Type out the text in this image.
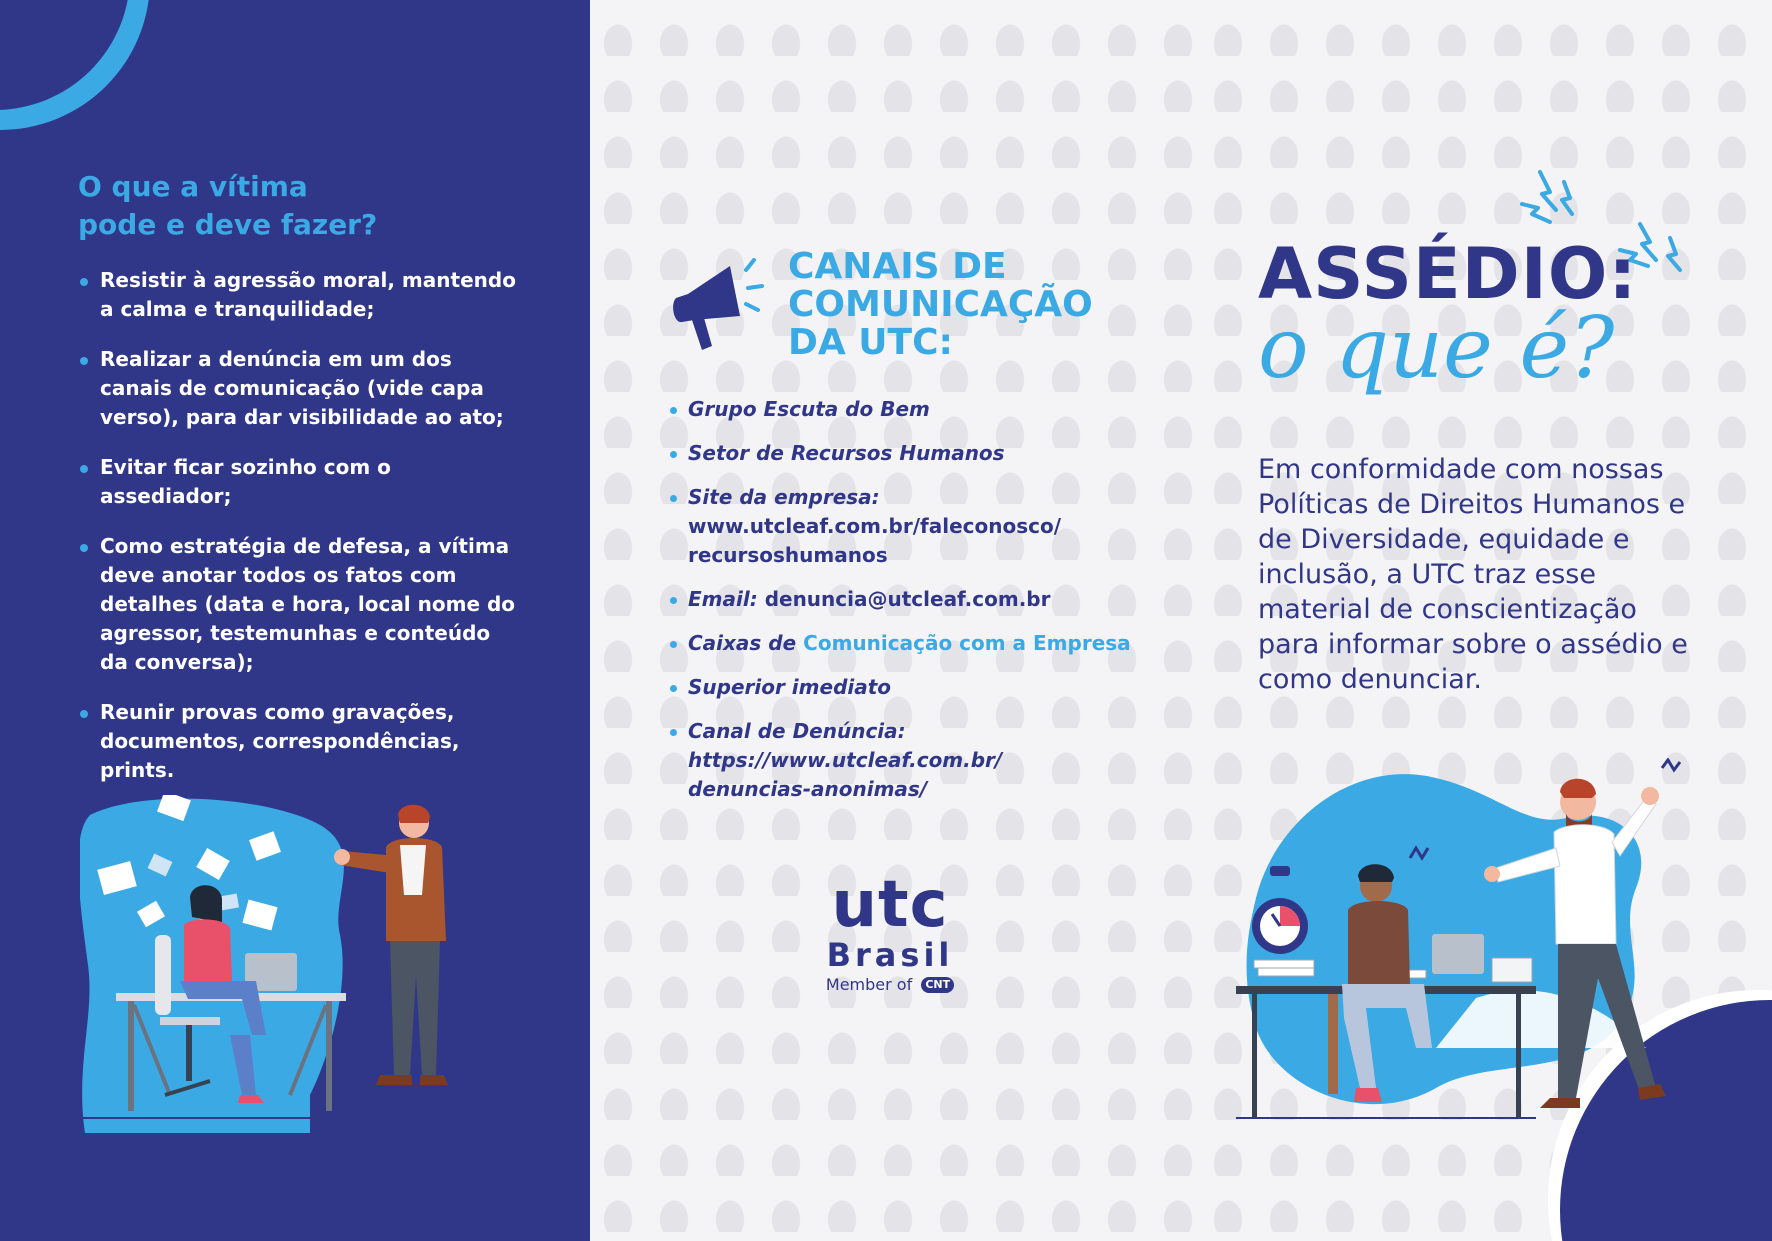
O que a vítima
pode e deve fazer?
Resistir à agressão moral, mantendo a calma e tranquilidade;
Realizar a denúncia em um dos canais de comunicação (vide capa verso), para dar visibilidade ao ato;
Evitar ficar sozinho com o assediador;
Como estratégia de defesa, a vítima deve anotar todos os fatos com detalhes (data e hora, local nome do agressor, testemunhas e conteúdo da conversa);
Reunir provas como gravações, documentos, correspondências, prints.
CANAIS DE
COMUNICAÇÃO
DA UTC:
Grupo Escuta do Bem
Setor de Recursos Humanos
Site da empresa:
www.utcleaf.com.br/faleconosco/
recursoshumanos
Email: denuncia@utcleaf.com.br
Caixas de Comunicação com a Empresa
Superior imediato
Canal de Denúncia:
https://www.utcleaf.com.br/
denuncias-anonimas/
utc
Brasil
Member of CNT
ASSÉDIO:
o que é?
Em conformidade com nossas Políticas de Direitos Humanos e de Diversidade, equidade e inclusão, a UTC traz esse material de conscientização para informar sobre o assédio e como denunciar.
